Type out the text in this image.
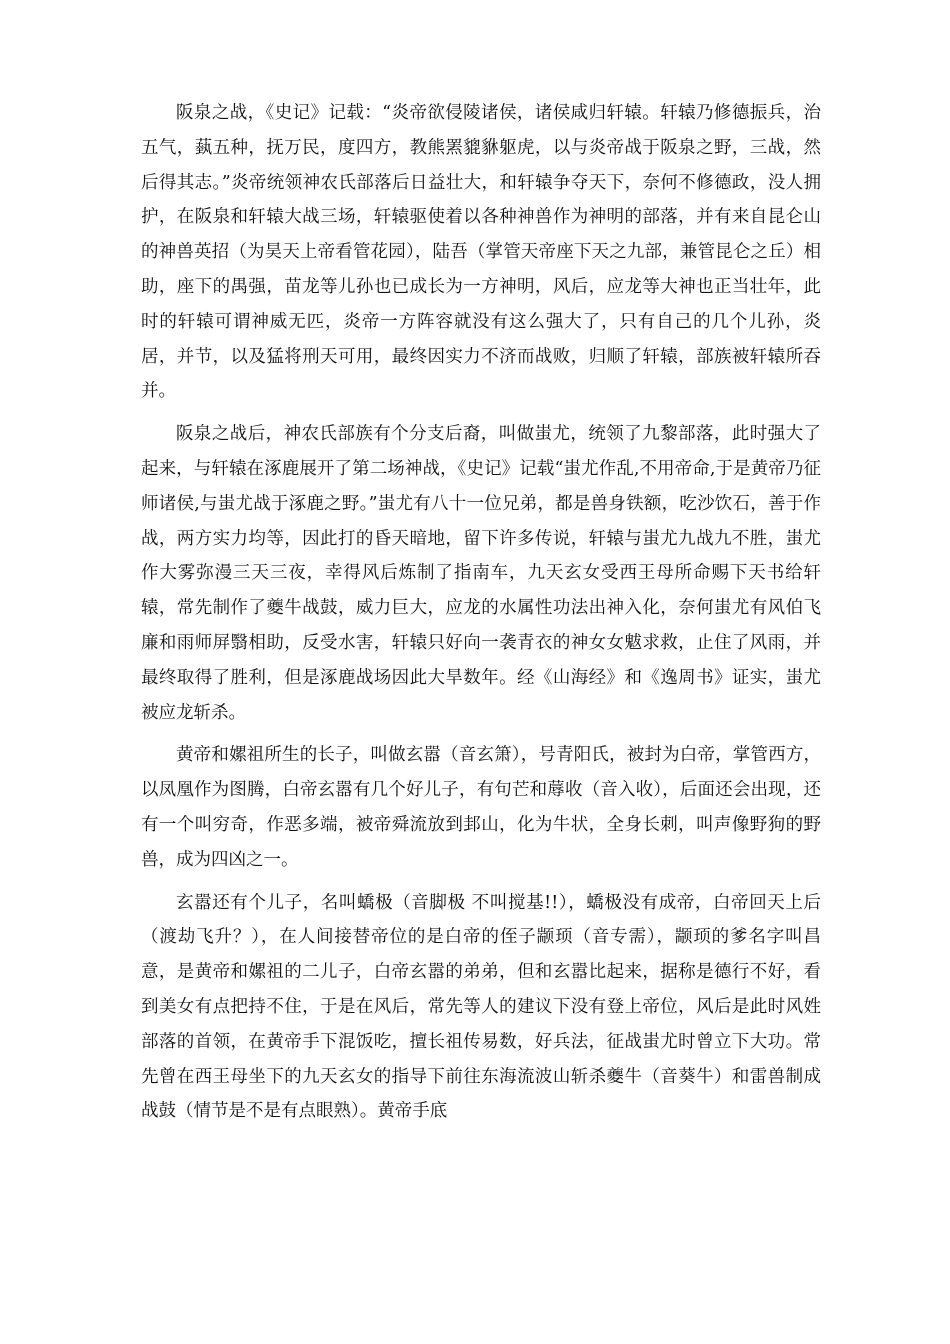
阪泉之战，《史记》记载：“炎帝欲侵陵诸侯，诸侯咸归轩辕。轩辕乃修德振兵，治五气，蓺五种，抚万民，度四方，教熊罴貔貅躯虎，以与炎帝战于阪泉之野，三战，然后得其志。”炎帝统领神农氏部落后日益壮大，和轩辕争夺天下，奈何不修德政，没人拥护，在阪泉和轩辕大战三场，轩辕驱使着以各种神兽作为神明的部落，并有来自昆仑山的神兽英招（为昊天上帝看管花园），陆吾（掌管天帝座下天之九部，兼管昆仑之丘）相助，座下的禺强，苗龙等儿孙也已成长为一方神明，风后，应龙等大神也正当壮年，此时的轩辕可谓神威无匹，炎帝一方阵容就没有这么强大了，只有自己的几个儿孙，炎居，并节，以及猛将刑天可用，最终因实力不济而战败，归顺了轩辕，部族被轩辕所吞并。

阪泉之战后，神农氏部族有个分支后裔，叫做蚩尤，统领了九黎部落，此时强大了起来，与轩辕在涿鹿展开了第二场神战，《史记》记载“蚩尤作乱,不用帝命,于是黄帝乃征师诸侯,与蚩尤战于涿鹿之野。”蚩尤有八十一位兄弟，都是兽身铁额，吃沙饮石，善于作战，两方实力均等，因此打的昏天暗地，留下许多传说，轩辕与蚩尤九战九不胜，蚩尤作大雾弥漫三天三夜，幸得风后炼制了指南车，九天玄女受西王母所命赐下天书给轩辕，常先制作了夔牛战鼓，威力巨大，应龙的水属性功法出神入化，奈何蚩尤有风伯飞廉和雨师屏翳相助，反受水害，轩辕只好向一袭青衣的神女女魃求救，止住了风雨，并最终取得了胜利，但是涿鹿战场因此大旱数年。经《山海经》和《逸周书》证实，蚩尤被应龙斩杀。

黄帝和嫘祖所生的长子，叫做玄嚣（音玄箫），号青阳氏，被封为白帝，掌管西方，以凤凰作为图腾，白帝玄嚣有几个好儿子，有句芒和蓐收（音入收），后面还会出现，还有一个叫穷奇，作恶多端，被帝舜流放到邽山，化为牛状，全身长刺，叫声像野狗的野兽，成为四凶之一。

玄嚣还有个儿子，名叫蟜极（音脚极 不叫搅基!!），蟜极没有成帝，白帝回天上后（渡劫飞升？），在人间接替帝位的是白帝的侄子颛顼（音专需），颛顼的爹名字叫昌意，是黄帝和嫘祖的二儿子，白帝玄嚣的弟弟，但和玄嚣比起来，据称是德行不好，看到美女有点把持不住，于是在风后，常先等人的建议下没有登上帝位，风后是此时风姓部落的首领，在黄帝手下混饭吃，擅长祖传易数，好兵法，征战蚩尤时曾立下大功。常先曾在西王母坐下的九天玄女的指导下前往东海流波山斩杀夔牛（音葵牛）和雷兽制成战鼓（情节是不是有点眼熟）。黄帝手底
